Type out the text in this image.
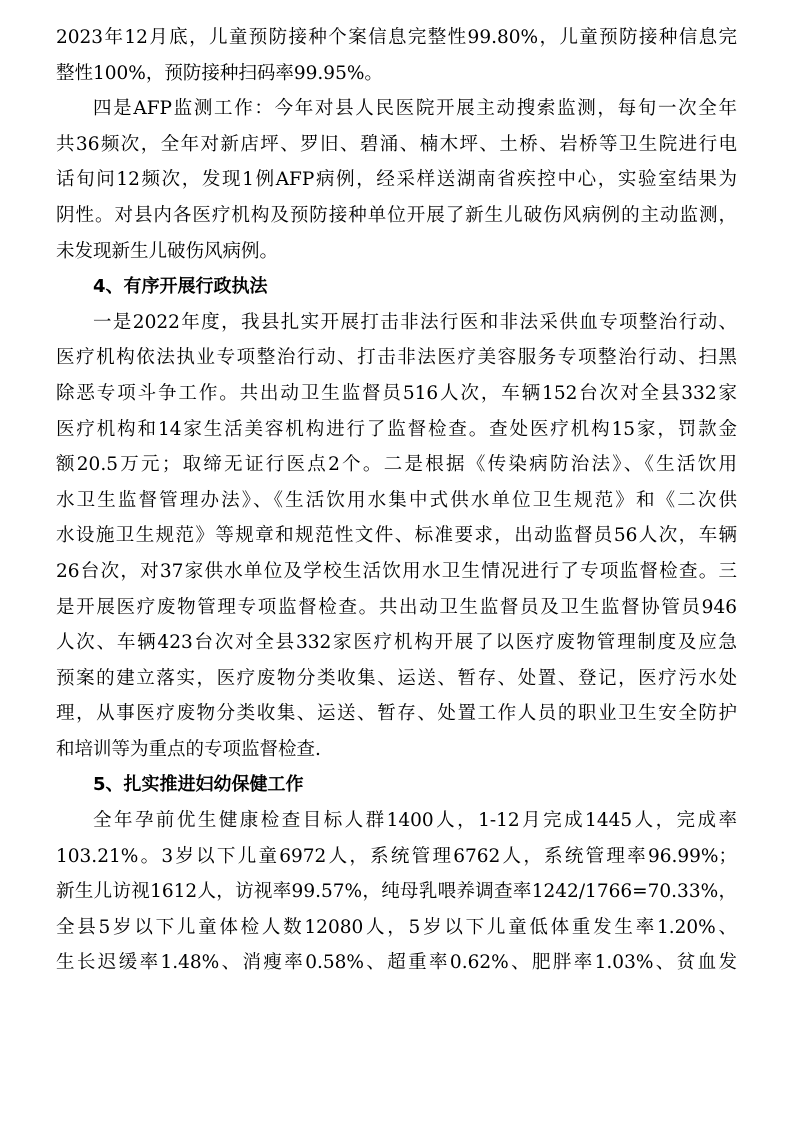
2023年12月底，儿童预防接种个案信息完整性99.80%，儿童预防接种信息完
整性100%，预防接种扫码率99.95%。
四是AFP监测工作：今年对县人民医院开展主动搜索监测，每旬一次全年
共36频次，全年对新店坪、罗旧、碧涌、楠木坪、土桥、岩桥等卫生院进行电
话旬问12频次，发现1例AFP病例，经采样送湖南省疾控中心，实验室结果为
阴性。对县内各医疗机构及预防接种单位开展了新生儿破伤风病例的主动监测，
未发现新生儿破伤风病例。
4、有序开展行政执法
一是2022年度，我县扎实开展打击非法行医和非法采供血专项整治行动、
医疗机构依法执业专项整治行动、打击非法医疗美容服务专项整治行动、扫黑
除恶专项斗争工作。共出动卫生监督员516人次，车辆152台次对全县332家
医疗机构和14家生活美容机构进行了监督检查。查处医疗机构15家，罚款金
额20.5万元；取缔无证行医点2个。二是根据《传染病防治法》、《生活饮用
水卫生监督管理办法》、《生活饮用水集中式供水单位卫生规范》和《二次供
水设施卫生规范》等规章和规范性文件、标准要求，出动监督员56人次，车辆
26台次，对37家供水单位及学校生活饮用水卫生情况进行了专项监督检查。三
是开展医疗废物管理专项监督检查。共出动卫生监督员及卫生监督协管员946
人次、车辆423台次对全县332家医疗机构开展了以医疗废物管理制度及应急
预案的建立落实，医疗废物分类收集、运送、暂存、处置、登记，医疗污水处
理，从事医疗废物分类收集、运送、暂存、处置工作人员的职业卫生安全防护
和培训等为重点的专项监督检查.
5、扎实推进妇幼保健工作
全年孕前优生健康检查目标人群1400人，1-12月完成1445人，完成率
103.21%。3岁以下儿童6972人，系统管理6762人，系统管理率96.99%；
新生儿访视1612人，访视率99.57%，纯母乳喂养调查率1242/1766=70.33%，
全县5岁以下儿童体检人数12080人，5岁以下儿童低体重发生率1.20%、
生长迟缓率1.48%、消瘦率0.58%、超重率0.62%、肥胖率1.03%、贫血发
